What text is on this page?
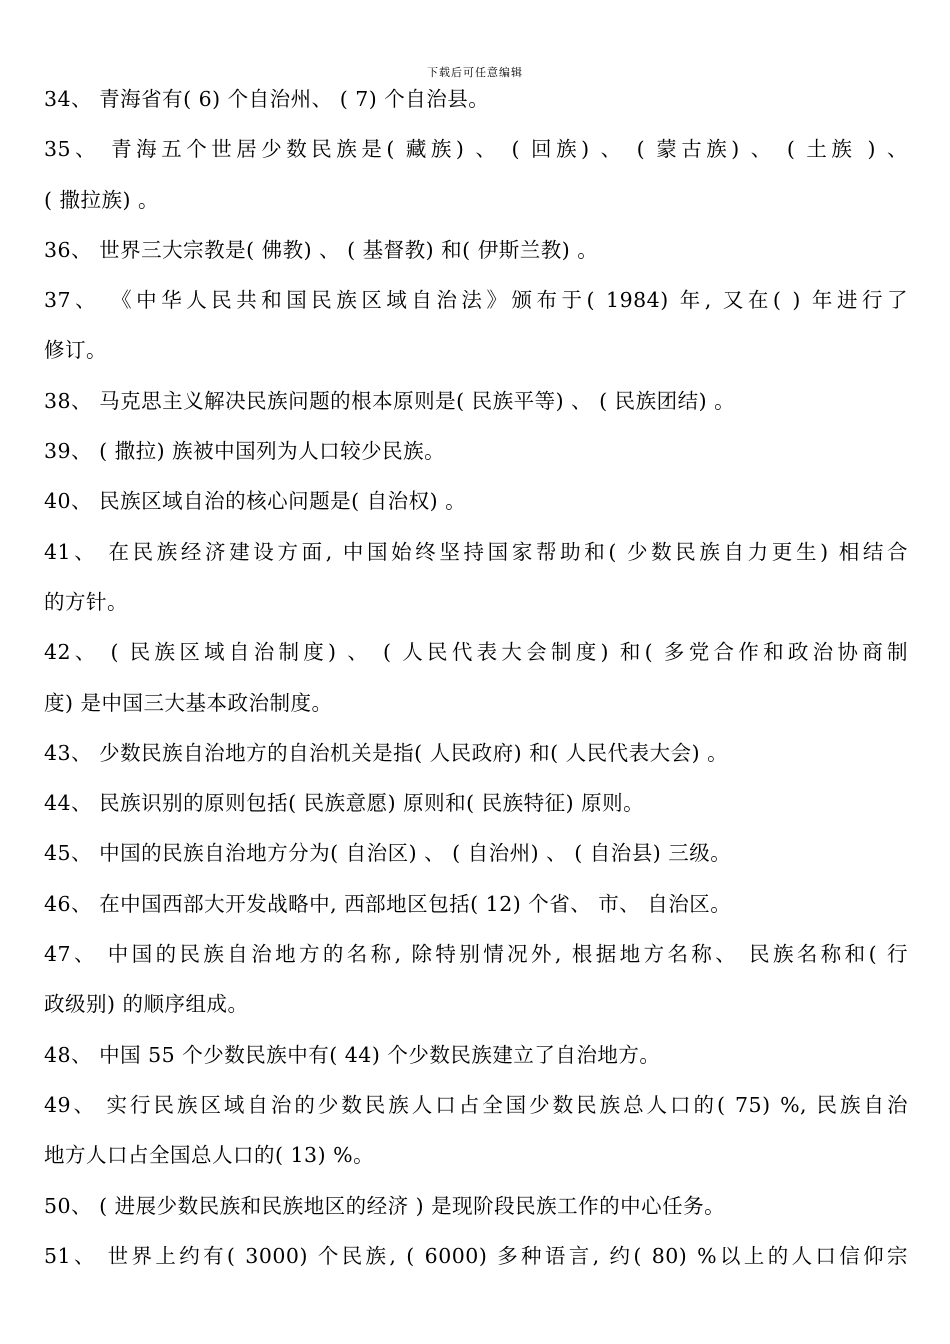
下载后可任意编辑
34、 青海省有( 6) 个自治州、 ( 7) 个自治县。
35、 青海五个世居少数民族是( 藏族) 、 ( 回族) 、 ( 蒙古族) 、 ( 土族 ) 、
( 撒拉族) 。
36、 世界三大宗教是( 佛教) 、 ( 基督教) 和( 伊斯兰教) 。
37、 《中华人民共和国民族区域自治法》颁布于( 1984) 年, 又在( ) 年进行了
修订。
38、 马克思主义解决民族问题的根本原则是( 民族平等) 、 ( 民族团结) 。
39、 ( 撒拉) 族被中国列为人口较少民族。
40、 民族区域自治的核心问题是( 自治权) 。
41、 在民族经济建设方面, 中国始终坚持国家帮助和( 少数民族自力更生) 相结合
的方针。
42、 ( 民族区域自治制度) 、 ( 人民代表大会制度) 和( 多党合作和政治协商制
度) 是中国三大基本政治制度。
43、 少数民族自治地方的自治机关是指( 人民政府) 和( 人民代表大会) 。
44、 民族识别的原则包括( 民族意愿) 原则和( 民族特征) 原则。
45、 中国的民族自治地方分为( 自治区) 、 ( 自治州) 、 ( 自治县) 三级。
46、 在中国西部大开发战略中, 西部地区包括( 12) 个省、 市、 自治区。
47、 中国的民族自治地方的名称, 除特别情况外, 根据地方名称、 民族名称和( 行
政级别) 的顺序组成。
48、 中国 55 个少数民族中有( 44) 个少数民族建立了自治地方。
49、 实行民族区域自治的少数民族人口占全国少数民族总人口的( 75) %, 民族自治
地方人口占全国总人口的( 13) %。
50、 ( 进展少数民族和民族地区的经济 ) 是现阶段民族工作的中心任务。
51、 世界上约有( 3000) 个民族, ( 6000) 多种语言, 约( 80) %以上的人口信仰宗
